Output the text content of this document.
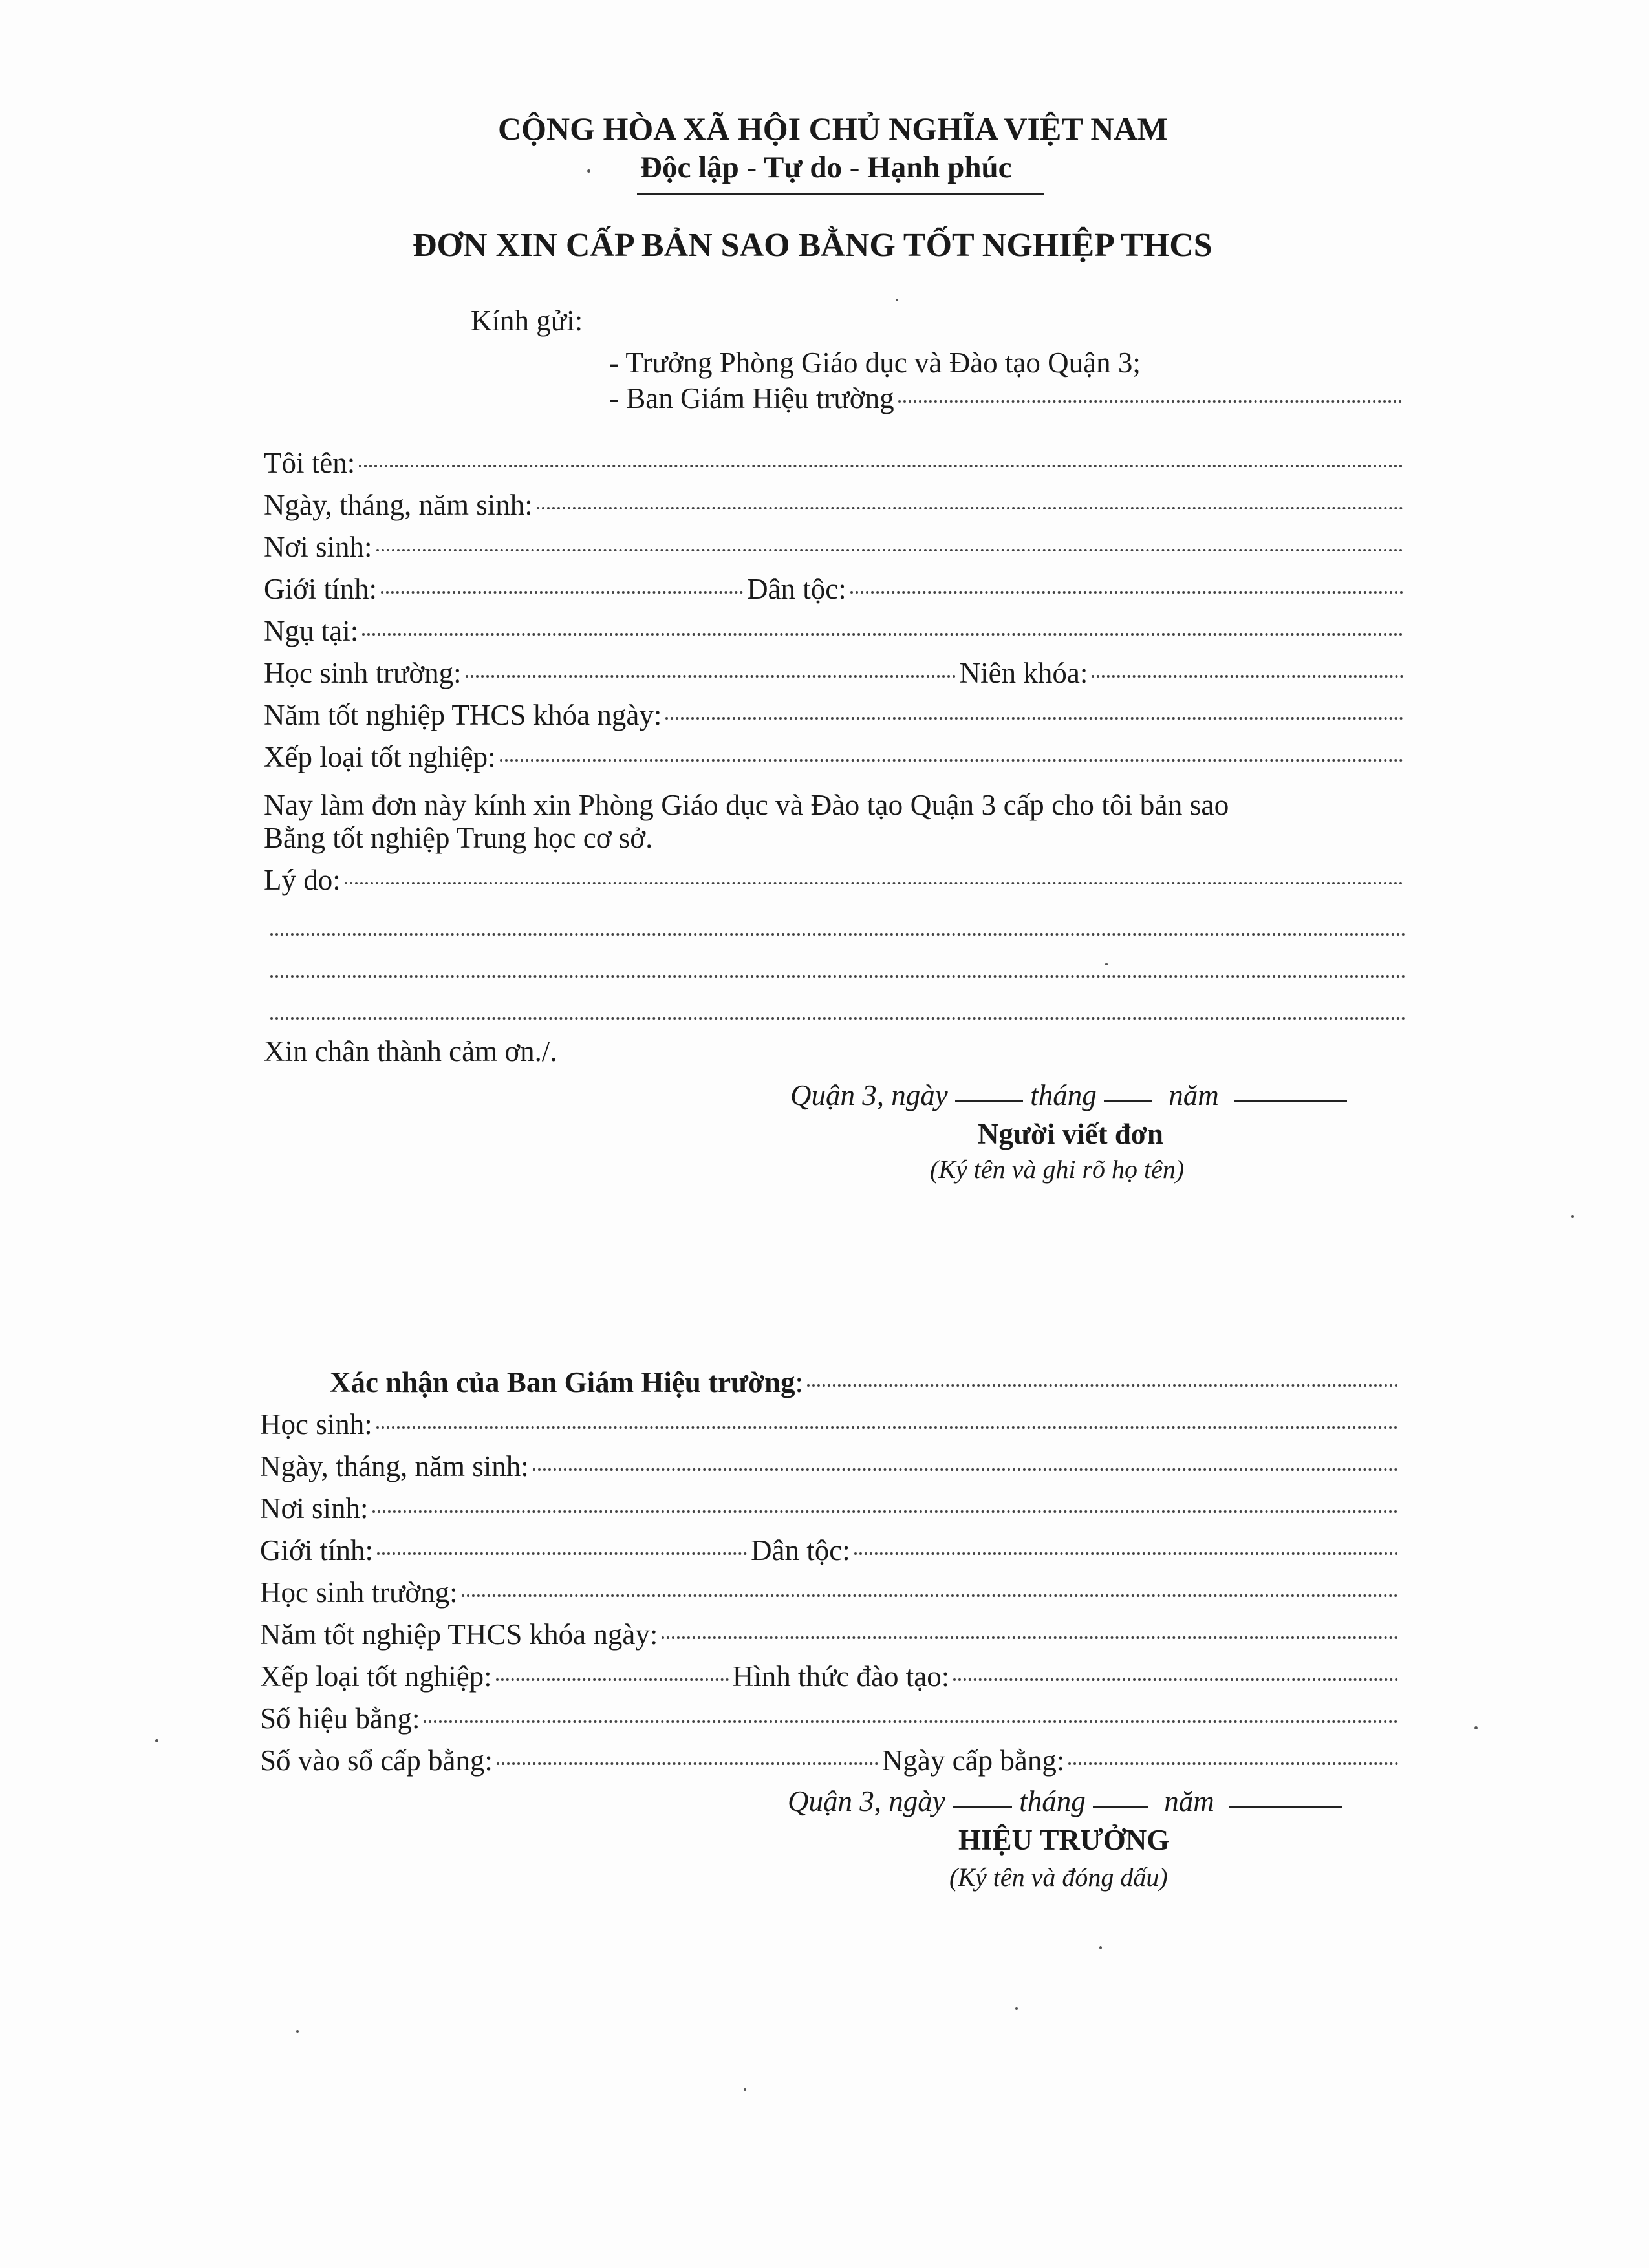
CỘNG HÒA XÃ HỘI CHỦ NGHĨA VIỆT NAM
Độc lập - Tự do - Hạnh phúc
ĐƠN XIN CẤP BẢN SAO BẰNG TỐT NGHIỆP THCS
Kính gửi:
- Trưởng Phòng Giáo dục và Đào tạo Quận 3;
- Ban Giám Hiệu trường
Tôi tên:
Ngày, tháng, năm sinh:
Nơi sinh:
Giới tính:	Dân tộc:
Ngụ tại:
Học sinh trường:	Niên khóa:
Năm tốt nghiệp THCS khóa ngày:
Xếp loại tốt nghiệp:
Nay làm đơn này kính xin Phòng Giáo dục và Đào tạo Quận 3 cấp cho tôi bản sao
Bằng tốt nghiệp Trung học cơ sở.
Lý do:
Xin chân thành cảm ơn./.
Quận 3, ngày	tháng năm
Người viết đơn
(Ký tên và ghi rõ họ tên)
Xác nhận của Ban Giám Hiệu trường :
Học sinh:
Ngày, tháng, năm sinh:
Nơi sinh:
Giới tính:	Dân tộc:
Học sinh trường:
Năm tốt nghiệp THCS khóa ngày:
Xếp loại tốt nghiệp:	Hình thức đào tạo:
Số hiệu bằng:
Số vào sổ cấp bằng:	Ngày cấp bằng:
Quận 3, ngày	tháng	năm
HIỆU TRƯỞNG
(Ký tên và đóng dấu)
